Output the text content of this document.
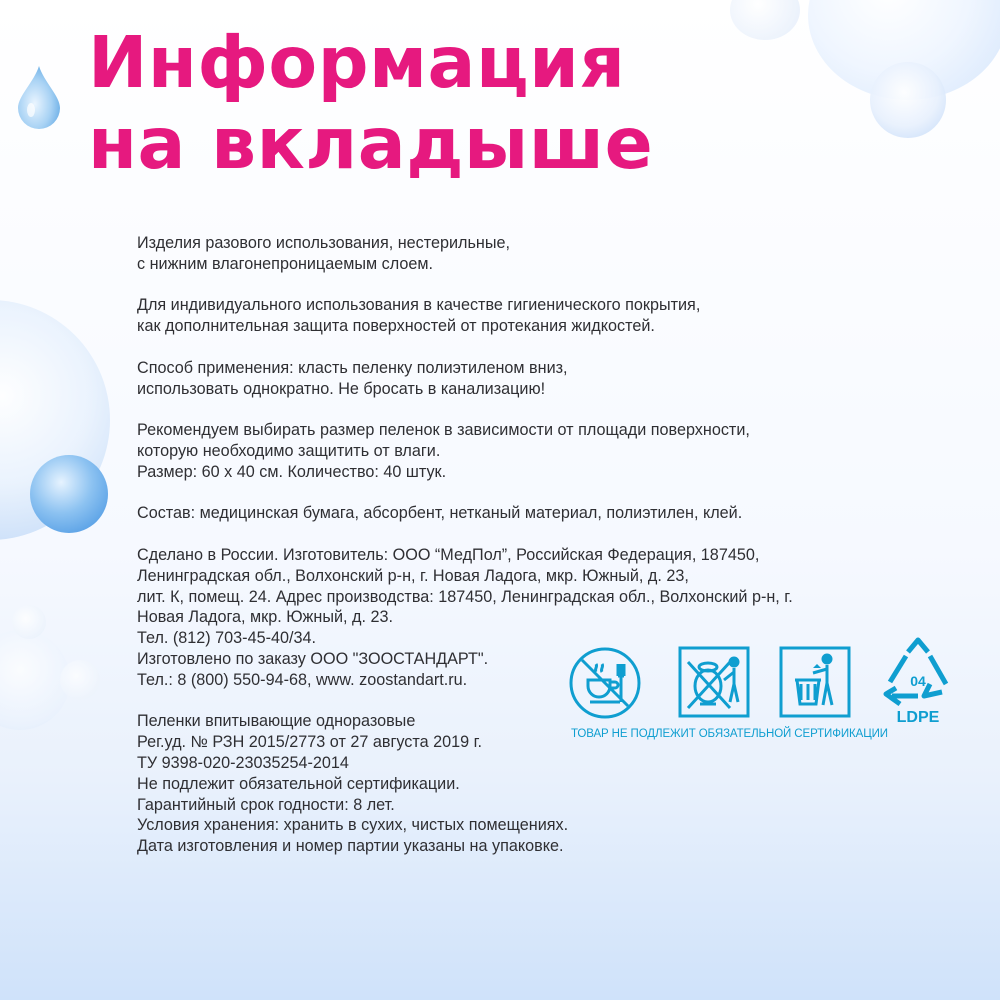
Информация
на вкладыше

Изделия разового использования, нестерильные,
с нижним влагонепроницаемым слоем.

Для индивидуального использования в качестве гигиенического покрытия,
как дополнительная защита поверхностей от протекания жидкостей.

Способ применения: класть пеленку полиэтиленом вниз,
использовать однократно. Не бросать в канализацию!

Рекомендуем выбирать размер пеленок в зависимости от площади поверхности,
которую необходимо защитить от влаги.
Размер: 60 х 40 см. Количество: 40 штук.

Состав: медицинская бумага, абсорбент, нетканый материал, полиэтилен, клей.

Сделано в России. Изготовитель: ООО “МедПол”, Российская Федерация, 187450,
Ленинградская обл., Волхонский р-н, г. Новая Ладога, мкр. Южный, д. 23,
лит. К, помещ. 24. Адрес производства: 187450, Ленинградская обл., Волхонский р-н, г.
Новая Ладога, мкр. Южный, д. 23.
Тел. (812) 703-45-40/34.
Изготовлено по заказу ООО "ЗООСТАНДАРТ".
Тел.: 8 (800) 550-94-68, www. zoostandart.ru.

Пеленки впитывающие одноразовые
Рег.уд. № РЗН 2015/2773 от 27 августа 2019 г.
ТУ 9398-020-23035254-2014
Не подлежит обязательной сертификации.
Гарантийный срок годности: 8 лет.
Условия хранения: хранить в сухих, чистых помещениях.
Дата изготовления и номер партии указаны на упаковке.

04
LDPE
ТОВАР НЕ ПОДЛЕЖИТ ОБЯЗАТЕЛЬНОЙ СЕРТИФИКАЦИИ
